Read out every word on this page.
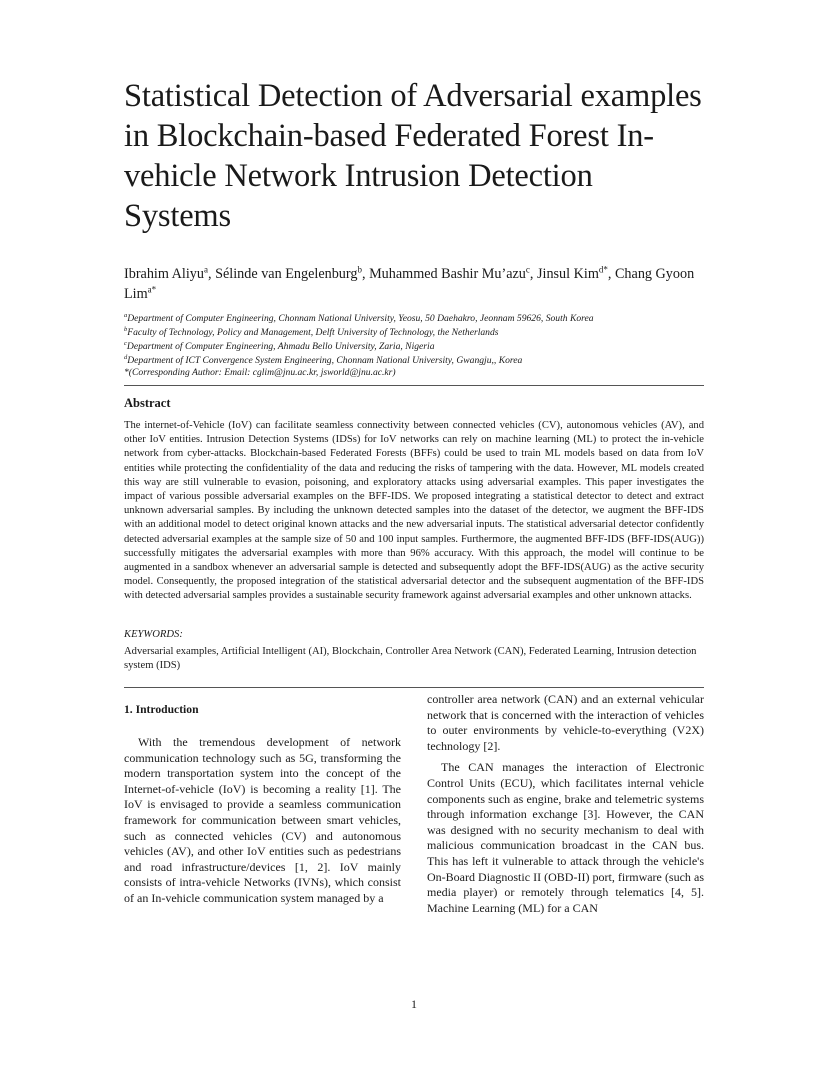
Statistical Detection of Adversarial examples
in Blockchain-based Federated Forest In-
vehicle Network Intrusion Detection
Systems
Ibrahim Aliyu$^a$, Sélinde van Engelenburg$^b$, Muhammed Bashir Mu’azu$^c$, Jinsul Kim$^{d*}$, Chang Gyoon Lim$^{a*}$
$^a$Department of Computer Engineering, Chonnam National University, Yeosu, 50 Daehakro, Jeonnam 59626, South Korea
$^b$Faculty of Technology, Policy and Management, Delft University of Technology, the Netherlands
$^c$Department of Computer Engineering, Ahmadu Bello University, Zaria, Nigeria
$^d$Department of ICT Convergence System Engineering, Chonnam National University, Gwangju,, Korea
*(Corresponding Author: Email: cglim@jnu.ac.kr, jsworld@jnu.ac.kr)
Abstract
The internet-of-Vehicle (IoV) can facilitate seamless connectivity between connected vehicles (CV), autonomous vehicles (AV), and other IoV entities. Intrusion Detection Systems (IDSs) for IoV networks can rely on machine learning (ML) to protect the in-vehicle network from cyber-attacks. Blockchain-based Federated Forests (BFFs) could be used to train ML models based on data from IoV entities while protecting the confidentiality of the data and reducing the risks of tampering with the data. However, ML models created this way are still vulnerable to evasion, poisoning, and exploratory attacks using adversarial examples. This paper investigates the impact of various possible adversarial examples on the BFF-IDS. We proposed integrating a statistical detector to detect and extract unknown adversarial samples. By including the unknown detected samples into the dataset of the detector, we augment the BFF-IDS with an additional model to detect original known attacks and the new adversarial inputs. The statistical adversarial detector confidently detected adversarial examples at the sample size of 50 and 100 input samples. Furthermore, the augmented BFF-IDS (BFF-IDS(AUG)) successfully mitigates the adversarial examples with more than 96% accuracy. With this approach, the model will continue to be augmented in a sandbox whenever an adversarial sample is detected and subsequently adopt the BFF-IDS(AUG) as the active security model. Consequently, the proposed integration of the statistical adversarial detector and the subsequent augmentation of the BFF-IDS with detected adversarial samples provides a sustainable security framework against adversarial examples and other unknown attacks.
KEYWORDS:
Adversarial examples, Artificial Intelligent (AI), Blockchain, Controller Area Network (CAN), Federated Learning, Intrusion detection system (IDS)
1. Introduction

With the tremendous development of network communication technology such as 5G, transforming the modern transportation system into the concept of the Internet-of-vehicle (IoV) is becoming a reality [1]. The IoV is envisaged to provide a seamless communication framework for communication between smart vehicles, such as connected vehicles (CV) and autonomous vehicles (AV), and other IoV entities such as pedestrians and road infrastructure/devices [1, 2]. IoV mainly consists of intra-vehicle Networks (IVNs), which consist of an In-vehicle communication system managed by a

controller area network (CAN) and an external vehicular network that is concerned with the interaction of vehicles to outer environments by vehicle-to-everything (V2X) technology [2].

The CAN manages the interaction of Electronic Control Units (ECU), which facilitates internal vehicle components such as engine, brake and telemetric systems through information exchange [3]. However, the CAN was designed with no security mechanism to deal with malicious communication broadcast in the CAN bus. This has left it vulnerable to attack through the vehicle's On-Board Diagnostic II (OBD-II) port, firmware (such as media player) or remotely through telematics [4, 5]. Machine Learning (ML) for a CAN

1
